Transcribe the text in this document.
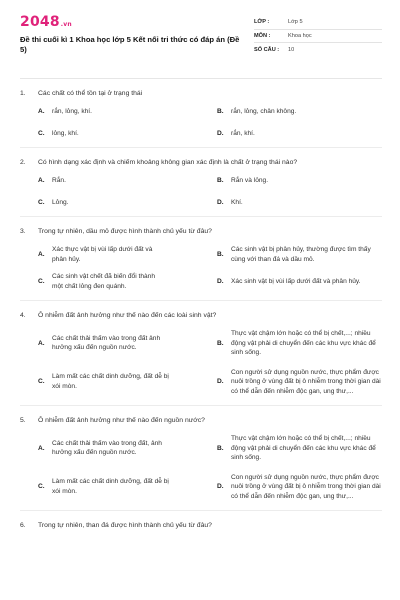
2048.vn
Đề thi cuối kì 1 Khoa học lớp 5 Kết nối tri thức có đáp án (Đề 5)
LỚP :	Lớp 5
MÔN :	Khoa học
SỐ CÂU :	10
1.	Các chất có thể tồn tại ở trạng thái
A.	rắn, lỏng, khí.	B.	rắn, lỏng, chân không.
C.	lỏng, khí.	D.	rắn, khí.
2.	Có hình dạng xác định và chiếm khoảng không gian xác định là chất ở trạng thái nào?
A.	Rắn.	B.	Rắn và lỏng.
C.	Lỏng.	D.	Khí.
3.	Trong tự nhiên, dầu mỏ được hình thành chủ yếu từ đâu?
A.
Xác thực vật bị vùi lấp dưới đất và phân hủy.
B.
Các sinh vật bị phân hủy, thường được tìm thấy cùng với than đá và dầu mỏ.
C.
Các sinh vật chết đã biến đổi thành một chất lỏng đen quánh.
D.	Xác sinh vật bị vùi lấp dưới đất và phân hủy.
4.	Ô nhiễm đất ảnh hưởng như thế nào đến các loài sinh vật?
A.
Các chất thải thấm vào trong đất ảnh hưởng xấu đến nguồn nước.
B.
Thực vật chậm lớn hoặc có thể bị chết,...; nhiều động vật phải di chuyển đến các khu vực khác để sinh sống.
C.
Làm mất các chất dinh dưỡng, đất dễ bị xói mòn.
D.
Con người sử dụng nguồn nước, thực phẩm được nuôi trồng ở vùng đất bị ô nhiễm trong thời gian dài có thể dẫn đến nhiễm độc gan, ung thư,...
5.	Ô nhiễm đất ảnh hưởng như thế nào đến nguồn nước?
A.
Các chất thải thấm vào trong đất, ảnh hưởng xấu đến nguồn nước.
B.
Thực vật chậm lớn hoặc có thể bị chết,...; nhiều động vật phải di chuyển đến các khu vực khác để sinh sống.
C.
Làm mất các chất dinh dưỡng, đất dễ bị xói mòn.
D.
Con người sử dụng nguồn nước, thực phẩm được nuôi trồng ở vùng đất bị ô nhiễm trong thời gian dài có thể dẫn đến nhiễm độc gan, ung thư,...
6.	Trong tự nhiên, than đá được hình thành chủ yếu từ đâu?
